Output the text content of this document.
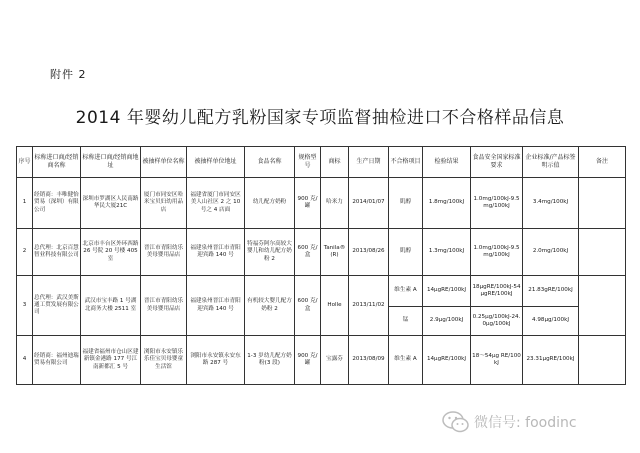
附件 2
2014 年婴幼儿配方乳粉国家专项监督抽检进口不合格样品信息
序号	标称进口商/经销商名称	标称进口商/经销商地址	被抽样单位名称	被抽样单位地址	食品名称	规格型号	商标	生产日期	不合格项目	检验结果	食品安全国家标准要求	企业标准/产品标签明示值	备注
1	经销商：丰唯健怡贸易（深圳）有限公司	深圳市罗湖区人民南路华民大厦21C	厦门市同安区哈米宝贝妇幼用品店	福建省厦门市同安区美人山社区 2 之 10 号之 4 店面	幼儿配方奶粉	900 克/罐	哈米力	2014/01/07	肌醇	1.8mg/100kJ	1.0mg/100kJ-9.5mg/100kJ	3.4mg/100kJ	
2	总代理：北京百慧智业科技有限公司	北京市丰台区外环西路 26 号院 20 号楼 405 室	晋江市青阳幼乐美母婴用品店	福建泉州晋江市青阳迎宾路 140 号	特福芬阿尔高较大婴儿和幼儿配方奶粉 2	600 克/盒	Tanila®(R)	2013/08/26	肌醇	1.3mg/100kJ	1.0mg/100kJ-9.5mg/100kJ	2.0mg/100kJ	
3	总代理：武汉美斯通工贸发展有限公司	武汉市宝丰路 1 号湖北商务大楼 2511 室	晋江市青阳幼乐美母婴用品店	福建泉州晋江市青阳迎宾路 140 号	有机较大婴儿配方奶粉 2	600 克/盒	Holle	2013/11/02	维生素 A	14μgRE/100kJ	18μgRE/100kJ-54μgRE/100kJ	21.83gRE/100kJ	
									锰	2.9μg/100kJ	0.25μg/100kJ-24.0μg/100kJ	4.98μg/100kJ	
4	经销商：福州迪瑞贸易有限公司	福建省福州市仓山区建新镇金港路 177 号江南新都汇 5 号	浏阳市永安镇乐乐佳宝贝母婴童生活馆	浏阳市永安镇永安东路 287 号	1-3 岁幼儿配方奶粉(3 段)	900 克/罐	宝露芬	2013/08/09	维生素 A	14μgRE/100kJ	18～54μg RE/100kJ	23.31μgRE/100kJ	
微信号: foodinc
